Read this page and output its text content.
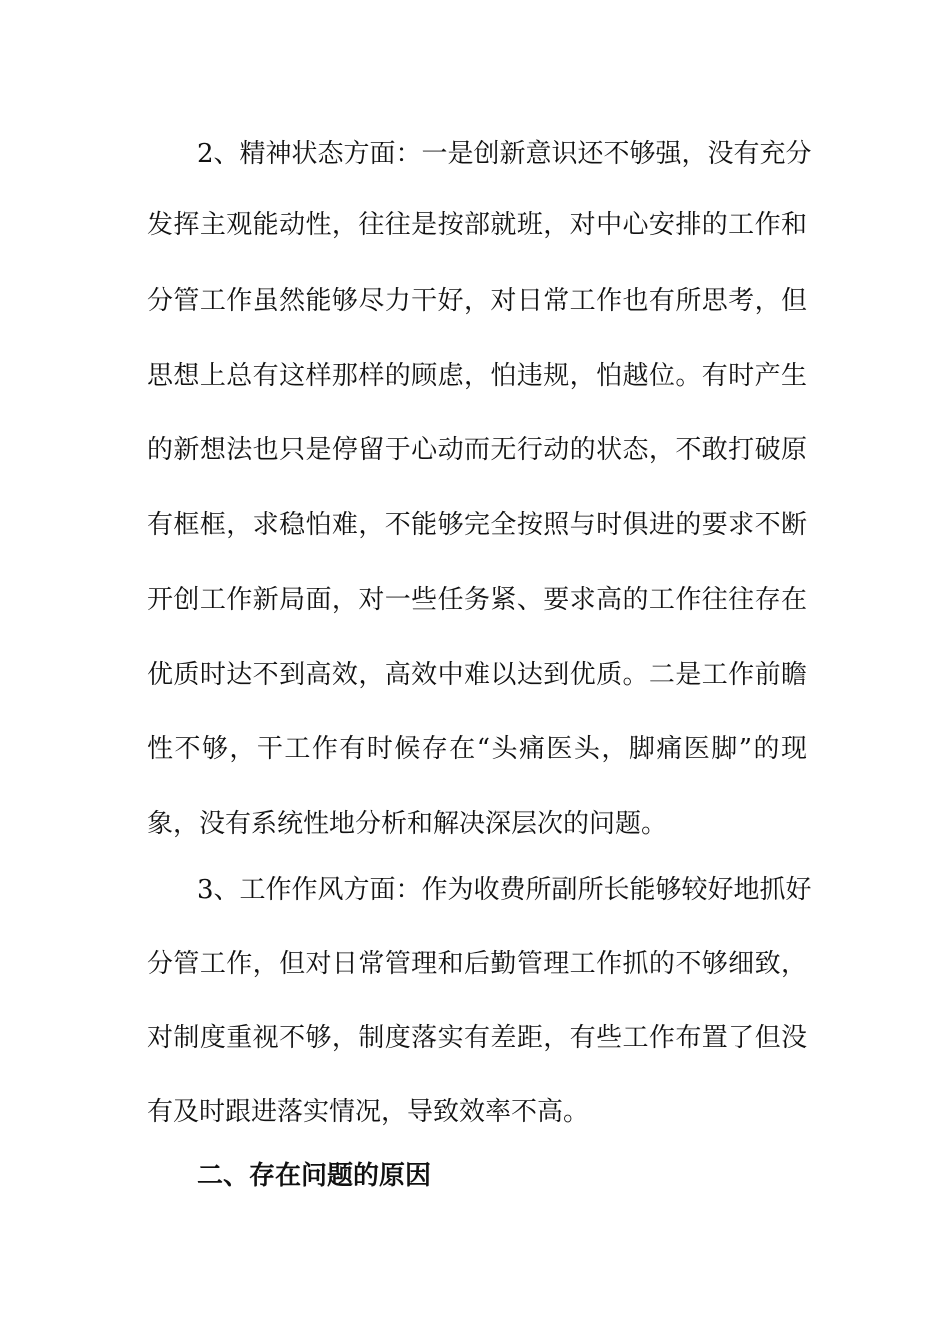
2、精神状态方面：一是创新意识还不够强，没有充分
发挥主观能动性，往往是按部就班，对中心安排的工作和
分管工作虽然能够尽力干好，对日常工作也有所思考，但
思想上总有这样那样的顾虑，怕违规，怕越位。有时产生
的新想法也只是停留于心动而无行动的状态，不敢打破原
有框框，求稳怕难，不能够完全按照与时俱进的要求不断
开创工作新局面，对一些任务紧、要求高的工作往往存在
优质时达不到高效，高效中难以达到优质。二是工作前瞻
性不够，干工作有时候存在“头痛医头，脚痛医脚”的现
象，没有系统性地分析和解决深层次的问题。
3、工作作风方面：作为收费所副所长能够较好地抓好
分管工作，但对日常管理和后勤管理工作抓的不够细致，
对制度重视不够，制度落实有差距，有些工作布置了但没
有及时跟进落实情况，导致效率不高。
二、存在问题的原因
